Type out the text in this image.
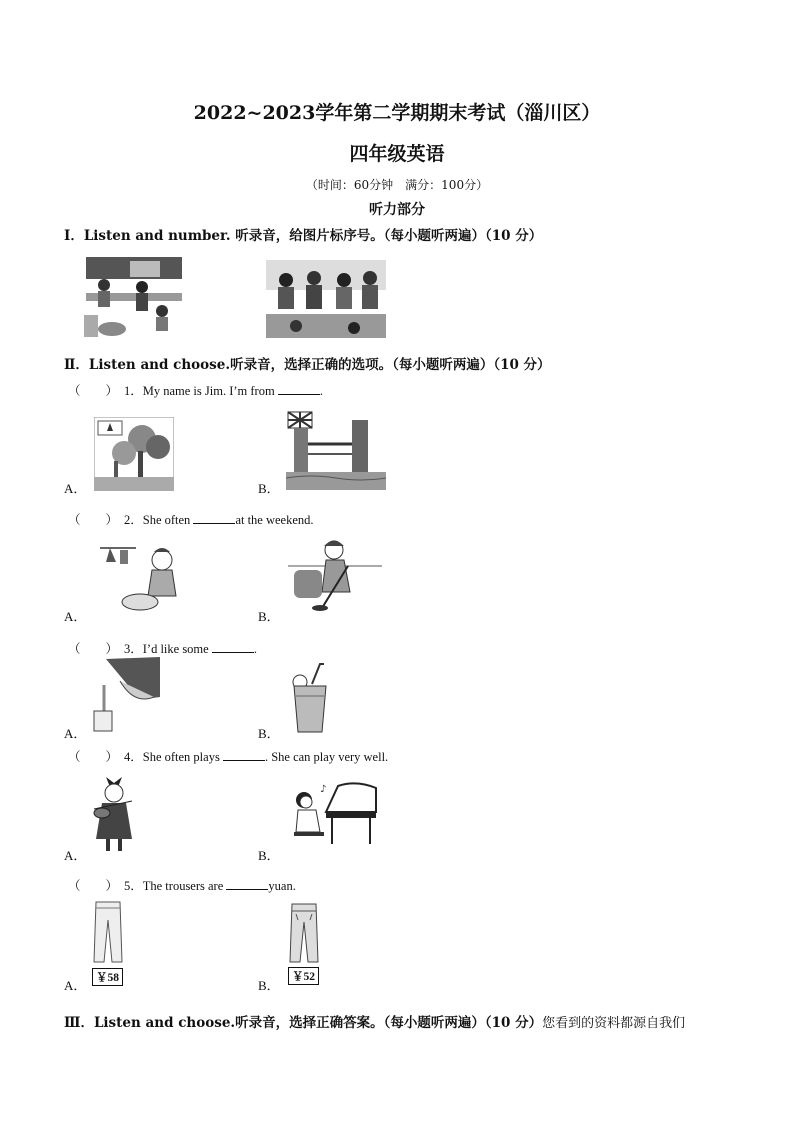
2022~2023学年第二学期期末考试（淄川区）
四年级英语
（时间：60分钟　满分：100分）
听力部分
I．Listen and number. 听录音，给图片标序号。（每小题听两遍）（10 分）
Ⅱ．Listen and choose.听录音，选择正确的选项。（每小题听两遍）（10 分）
（　　） 1．My name is Jim. I’m from	.
A．	B．
（　　） 2．She often	at the weekend.
A．	B．
（　　） 3．I’d like some	.
A．	B．
（　　） 4．She often plays	. She can play very well.
A．	B．
♪
（　　） 5．The trousers are	yuan.
A． ￥58	B．
￥52
Ⅲ．Listen and choose.听录音，选择正确答案。（每小题听两遍）（10 分）您看到的资料都源自我们
